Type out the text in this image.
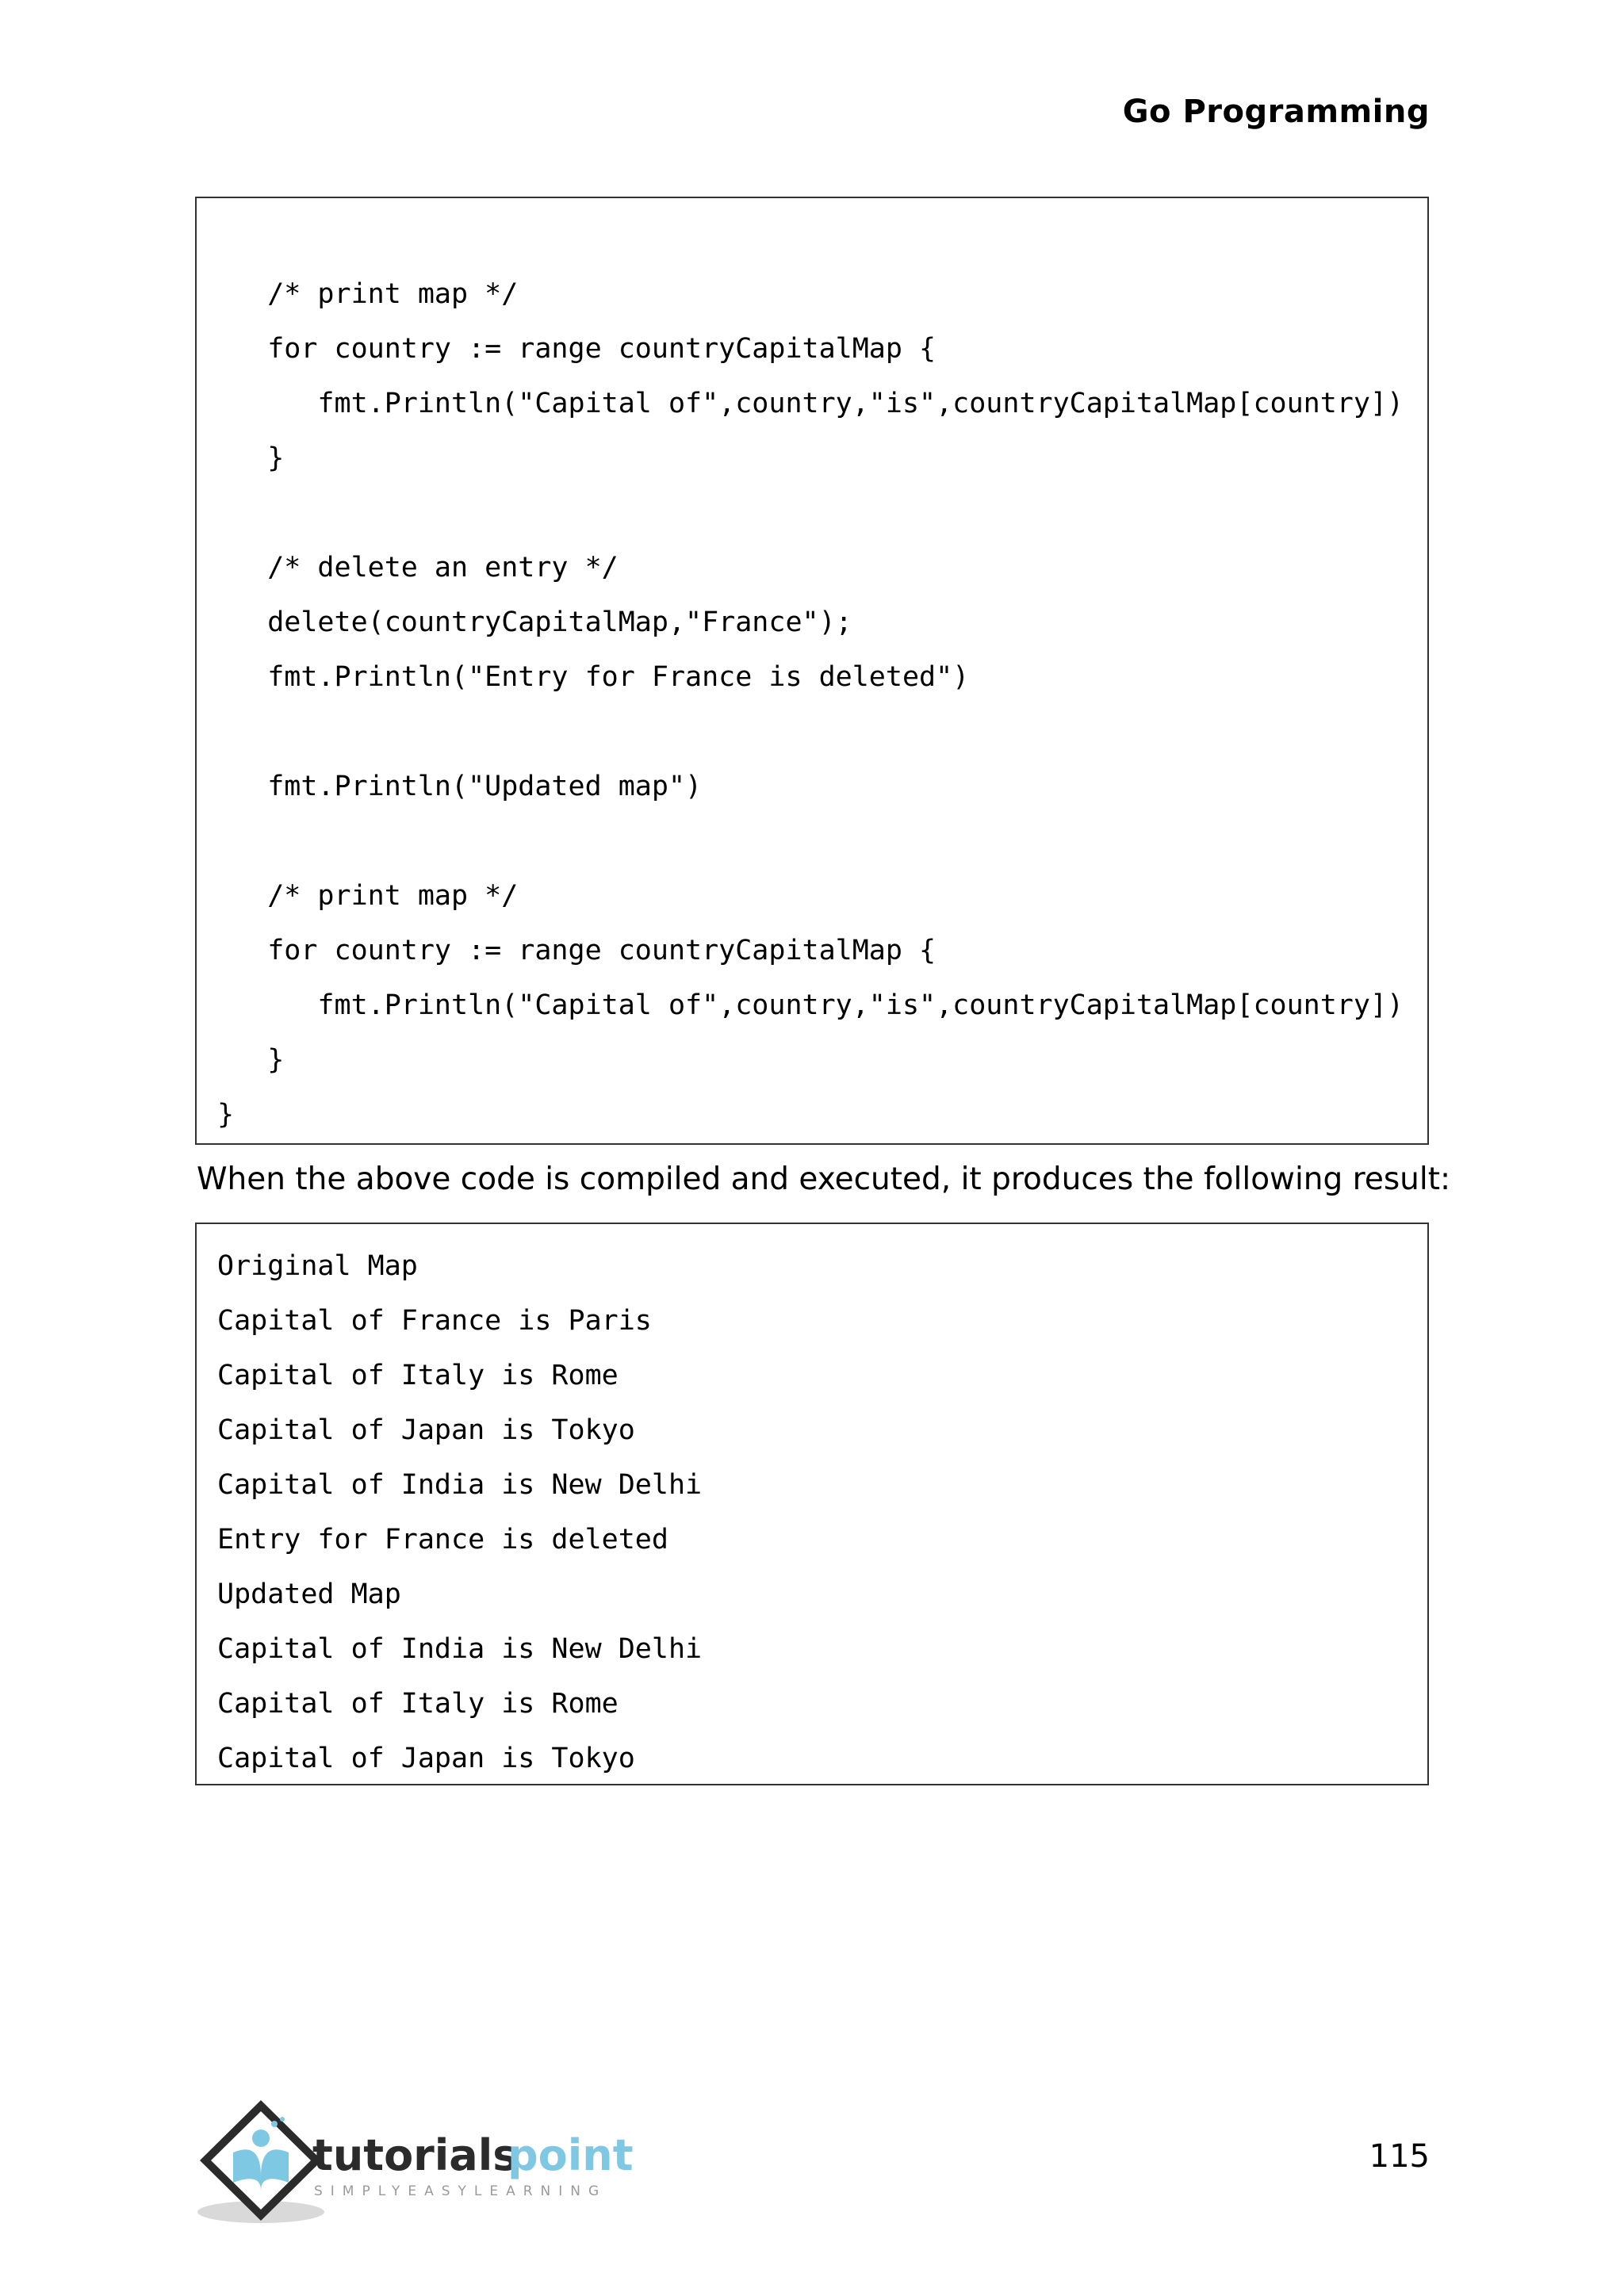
Go Programming
/* print map */
for country := range countryCapitalMap {
fmt.Println("Capital of",country,"is",countryCapitalMap[country])
}
/* delete an entry */
delete(countryCapitalMap,"France");
fmt.Println("Entry for France is deleted")
fmt.Println("Updated map")
/* print map */
for country := range countryCapitalMap {
fmt.Println("Capital of",country,"is",countryCapitalMap[country])
}
}
When the above code is compiled and executed, it produces the following result:
Original Map
Capital of France is Paris
Capital of Italy is Rome
Capital of Japan is Tokyo
Capital of India is New Delhi
Entry for France is deleted
Updated Map
Capital of India is New Delhi
Capital of Italy is Rome
Capital of Japan is Tokyo
tutorials
point
SIMPLYEASYLEARNING
115
